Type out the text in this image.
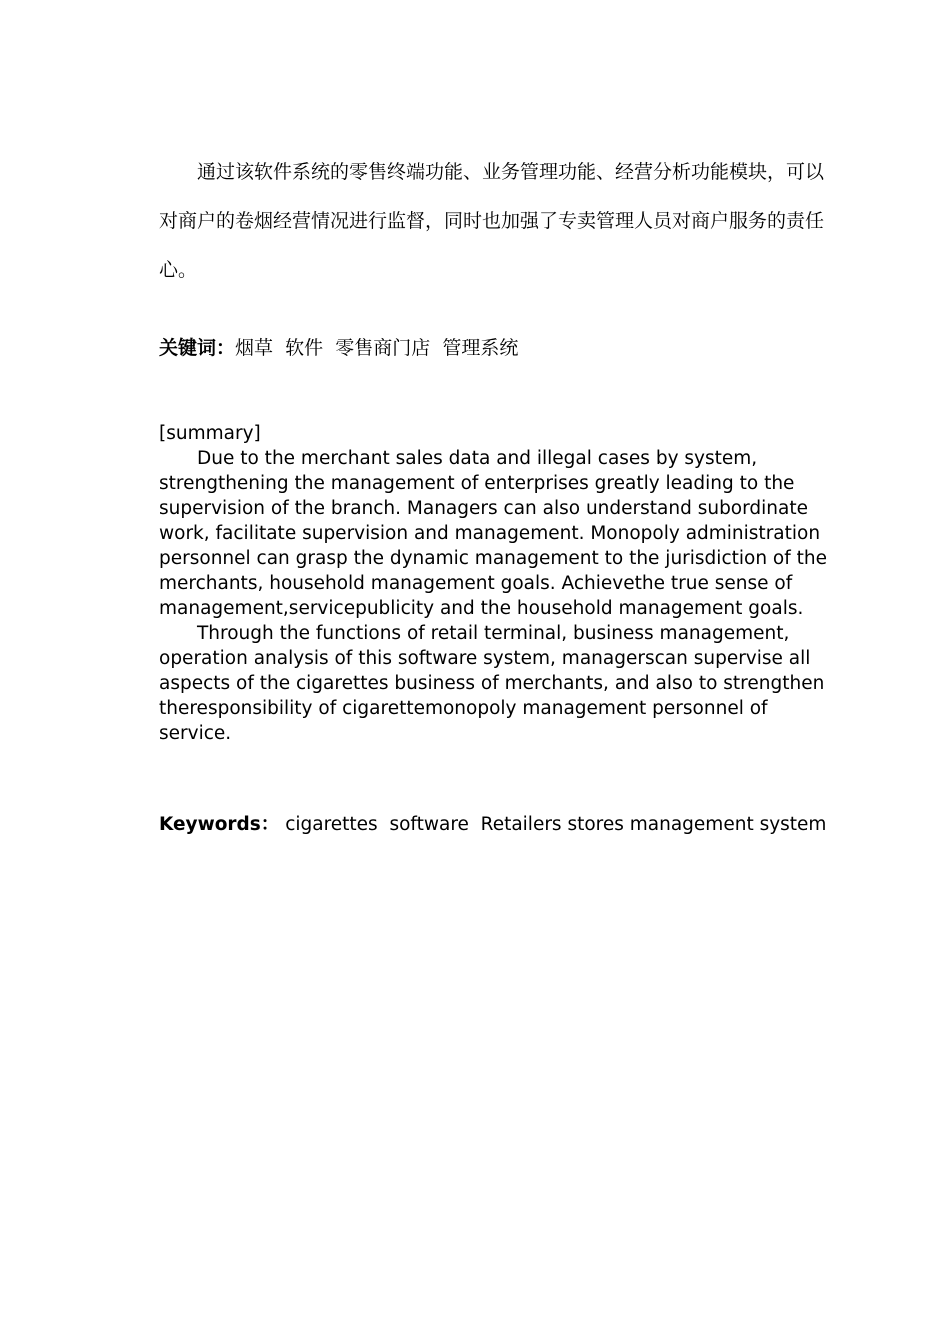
通过该软件系统的零售终端功能、业务管理功能、经营分析功能模块，可以对商户的卷烟经营情况进行监督，同时也加强了专卖管理人员对商户服务的责任心。

关键词：烟草 软件 零售商门店 管理系统

[summary]

Due to the merchant sales data and illegal cases by system, strengthening the management of enterprises greatly leading to the supervision of the branch. Managers can also understand subordinate work, facilitate supervision and management. Monopoly administration personnel can grasp the dynamic management to the jurisdiction of the merchants, household management goals. Achievethe true sense of management,servicepublicity and the household management goals.

Through the functions of retail terminal, business management, operation analysis of this software system, managerscan supervise all aspects of the cigarettes business of merchants, and also to strengthen theresponsibility of cigarettemonopoly management personnel of service.

Keywords： cigarettes software Retailers stores management system
